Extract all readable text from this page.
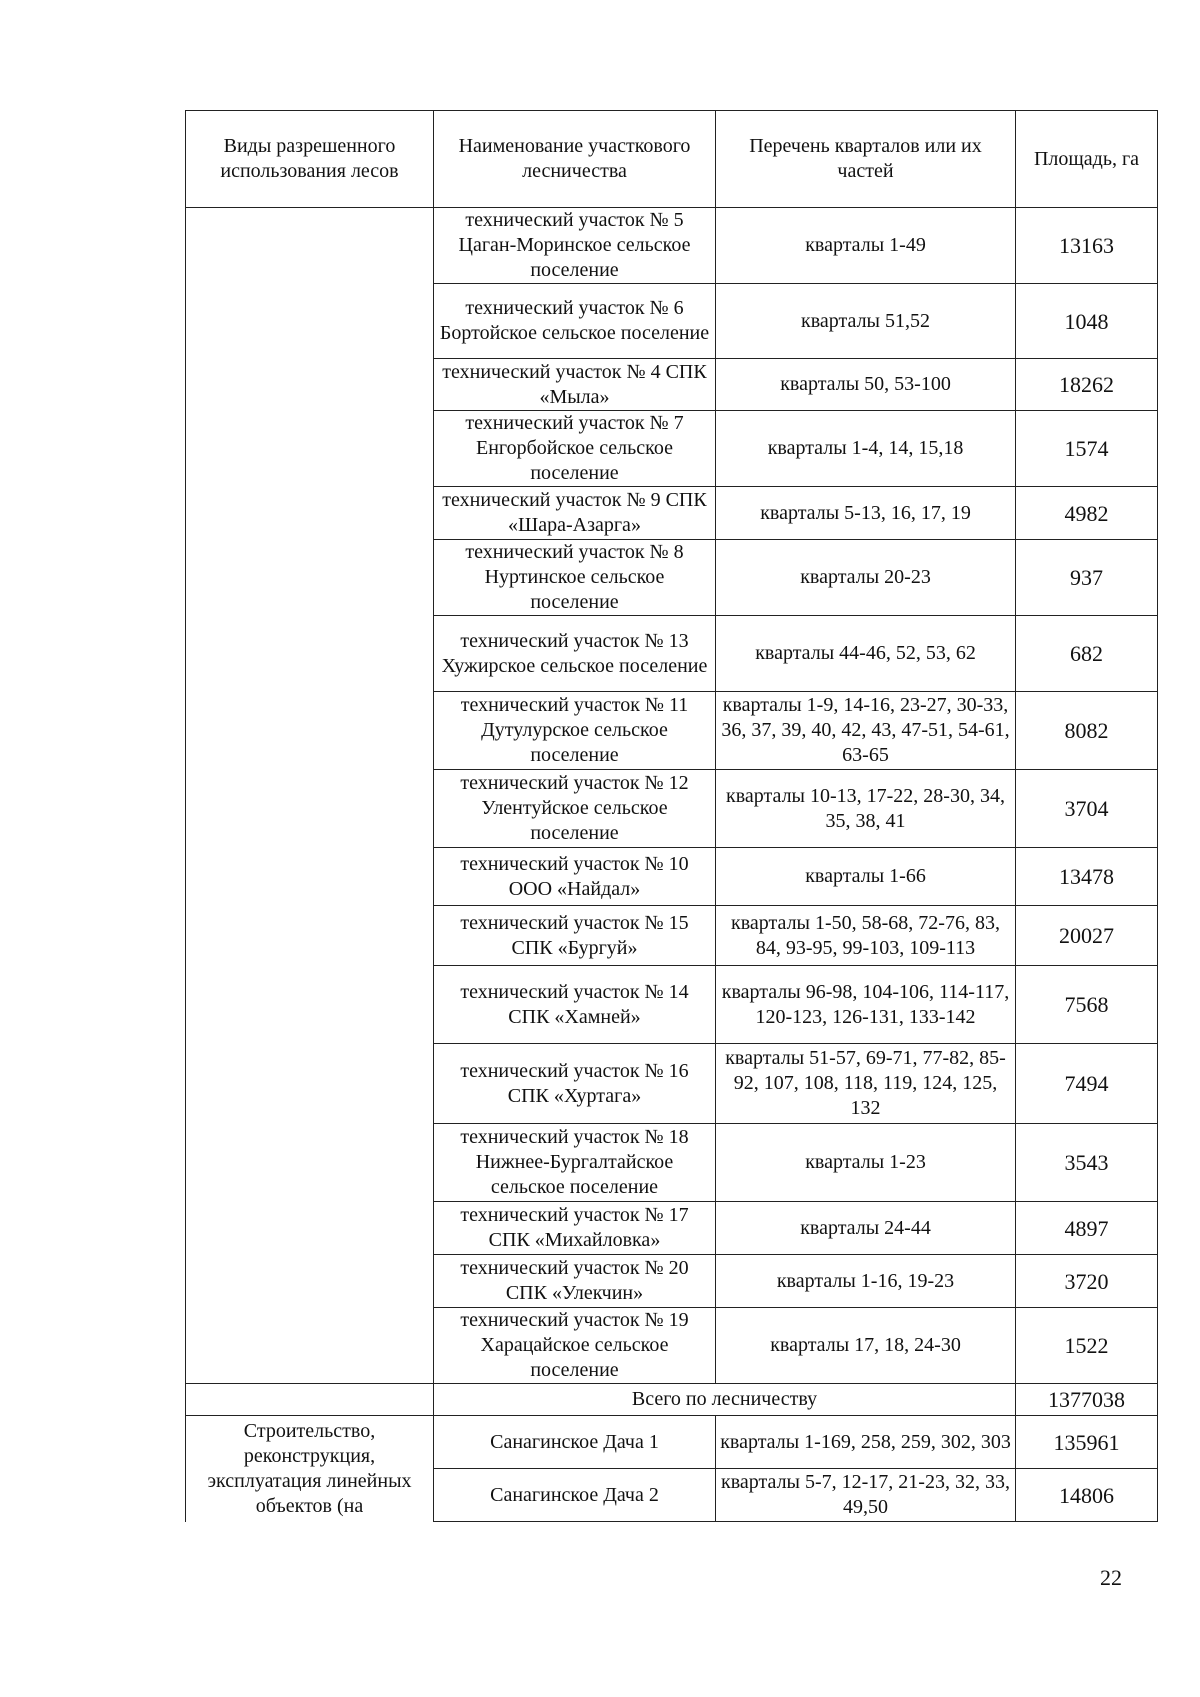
Виды разрешенного использования лесов	Наименование участкового лесничества	Перечень кварталов или их частей	Площадь, га
	технический участок № 5 Цаган-Моринское сельское поселение	кварталы 1-49	13163
	технический участок № 6 Бортойское сельское поселение	кварталы 51,52	1048
	технический участок № 4 СПК «Мыла»	кварталы 50, 53-100	18262
	технический участок № 7 Енгорбойское сельское поселение	кварталы 1-4, 14, 15,18	1574
	технический участок № 9 СПК «Шара-Азарга»	кварталы 5-13, 16, 17, 19	4982
	технический участок № 8 Нуртинское сельское поселение	кварталы 20-23	937
	технический участок № 13 Хужирское сельское поселение	кварталы 44-46, 52, 53, 62	682
	технический участок № 11 Дутулурское сельское поселение	кварталы 1-9, 14-16, 23-27, 30-33, 36, 37, 39, 40, 42, 43, 47-51, 54-61, 63-65	8082
	технический участок № 12 Улентуйское сельское поселение	кварталы 10-13, 17-22, 28-30, 34, 35, 38, 41	3704
	технический участок № 10 ООО «Найдал»	кварталы 1-66	13478
	технический участок № 15 СПК «Бургуй»	кварталы 1-50, 58-68, 72-76, 83, 84, 93-95, 99-103, 109-113	20027
	технический участок № 14 СПК «Хамней»	кварталы 96-98, 104-106, 114-117, 120-123, 126-131, 133-142	7568
	технический участок № 16 СПК «Хуртага»	кварталы 51-57, 69-71, 77-82, 85-92, 107, 108, 118, 119, 124, 125, 132	7494
	технический участок № 18 Нижнее-Бургалтайское сельское поселение	кварталы 1-23	3543
	технический участок № 17 СПК «Михайловка»	кварталы 24-44	4897
	технический участок № 20 СПК «Улекчин»	кварталы 1-16, 19-23	3720
	технический участок № 19 Харацайское сельское поселение	кварталы 17, 18, 24-30	1522
	Всего по лесничеству		1377038
Строительство, реконструкция, эксплуатация линейных объектов (на	Санагинское Дача 1	кварталы 1-169, 258, 259, 302, 303	135961
	Санагинское Дача 2	кварталы 5-7, 12-17, 21-23, 32, 33, 49,50	14806
22
